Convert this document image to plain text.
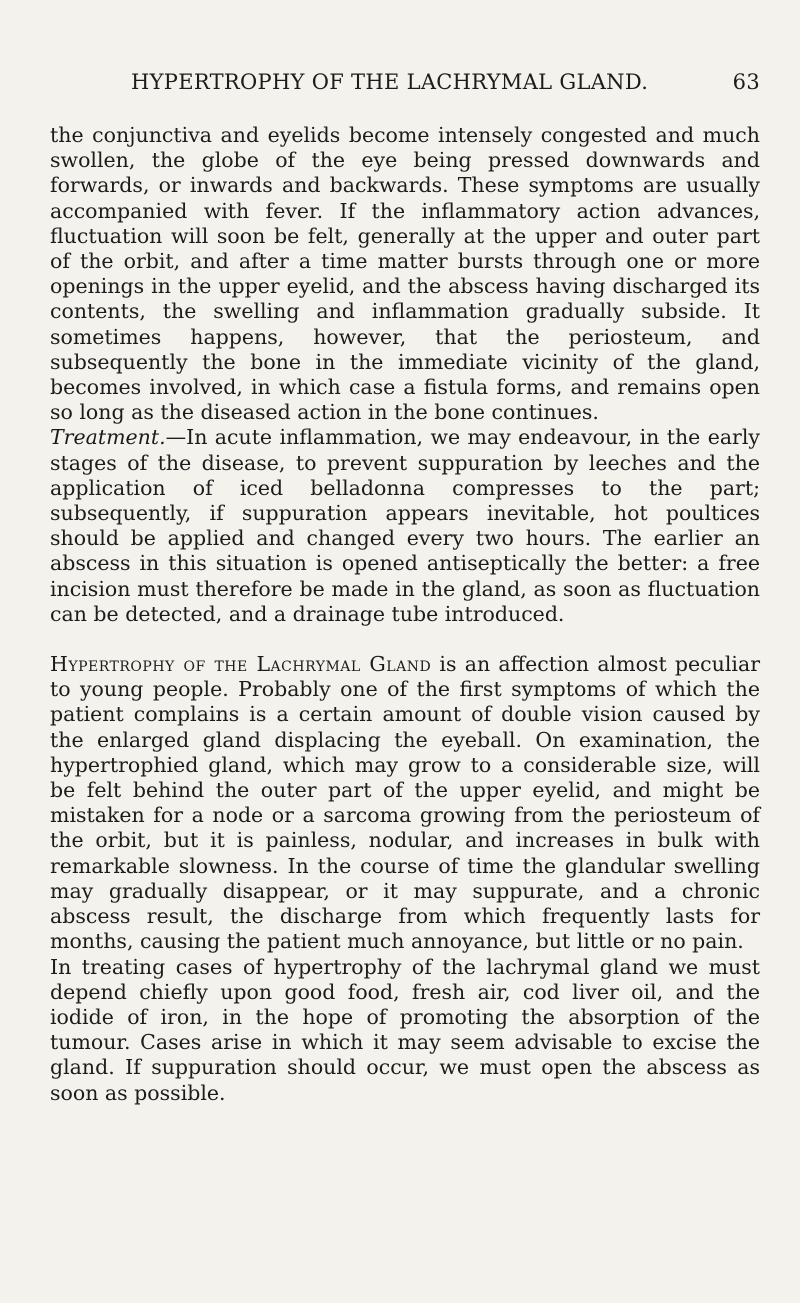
HYPERTROPHY OF THE LACHRYMAL GLAND.	63

the conjunctiva and eyelids become intensely congested and much swollen, the globe of the eye being pressed downwards and forwards, or inwards and backwards. These symptoms are usually accompanied with fever. If the inflammatory action advances, fluctuation will soon be felt, generally at the upper and outer part of the orbit, and after a time matter bursts through one or more openings in the upper eyelid, and the abscess having discharged its contents, the swelling and inflammation gradually subside. It sometimes happens, however, that the periosteum, and subsequently the bone in the immediate vicinity of the gland, becomes involved, in which case a fistula forms, and remains open so long as the diseased action in the bone continues.

Treatment.—In acute inflammation, we may endeavour, in the early stages of the disease, to prevent suppuration by leeches and the application of iced belladonna compresses to the part; subsequently, if suppuration appears inevitable, hot poultices should be applied and changed every two hours. The earlier an abscess in this situation is opened antiseptically the better: a free incision must therefore be made in the gland, as soon as fluctuation can be detected, and a drainage tube introduced.

Hypertrophy of the Lachrymal Gland is an affection almost peculiar to young people. Probably one of the first symptoms of which the patient complains is a certain amount of double vision caused by the enlarged gland displacing the eyeball. On examination, the hypertrophied gland, which may grow to a considerable size, will be felt behind the outer part of the upper eyelid, and might be mistaken for a node or a sarcoma growing from the periosteum of the orbit, but it is painless, nodular, and increases in bulk with remarkable slowness. In the course of time the glandular swelling may gradually disappear, or it may suppurate, and a chronic abscess result, the discharge from which frequently lasts for months, causing the patient much annoyance, but little or no pain.

In treating cases of hypertrophy of the lachrymal gland we must depend chiefly upon good food, fresh air, cod liver oil, and the iodide of iron, in the hope of promoting the absorption of the tumour. Cases arise in which it may seem advisable to excise the gland. If suppuration should occur, we must open the abscess as soon as possible.
